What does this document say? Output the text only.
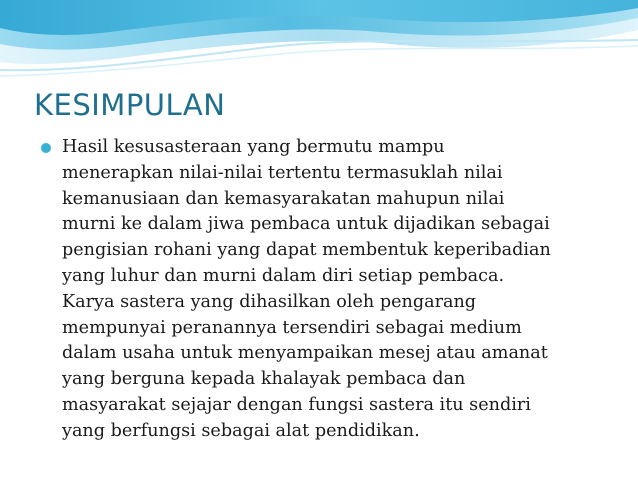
KESIMPULAN
Hasil kesusasteraan yang bermutu mampu
menerapkan nilai-nilai tertentu termasuklah nilai
kemanusiaan dan kemasyarakatan mahupun nilai
murni ke dalam jiwa pembaca untuk dijadikan sebagai
pengisian rohani yang dapat membentuk keperibadian
yang luhur dan murni dalam diri setiap pembaca.
Karya sastera yang dihasilkan oleh pengarang
mempunyai peranannya tersendiri sebagai medium
dalam usaha untuk menyampaikan mesej atau amanat
yang berguna kepada khalayak pembaca dan
masyarakat sejajar dengan fungsi sastera itu sendiri
yang berfungsi sebagai alat pendidikan.
